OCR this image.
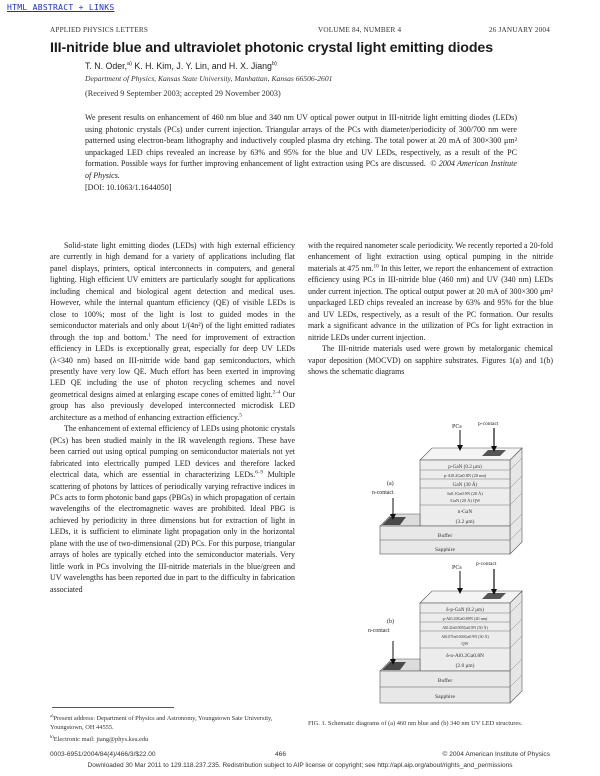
HTML ABSTRACT + LINKS
APPLIED PHYSICS LETTERS	VOLUME 84, NUMBER 4	26 JANUARY 2004
III-nitride blue and ultraviolet photonic crystal light emitting diodes
T. N. Oder,$^{a)}$ K. H. Kim, J. Y. Lin, and H. X. Jiang$^{b)}$
Department of Physics, Kansas State University, Manhattan, Kansas 66506-2601
(Received 9 September 2003; accepted 29 November 2003)
We present results on enhancement of 460 nm blue and 340 nm UV optical power output in III-nitride light emitting diodes (LEDs) using photonic crystals (PCs) under current injection. Triangular arrays of the PCs with diameter/periodicity of 300/700 nm were patterned using electron-beam lithography and inductively coupled plasma dry etching. The total power at 20 mA of 300×300 μm² unpackaged LED chips revealed an increase by 63% and 95% for the blue and UV LEDs, respectively, as a result of the PC formation. Possible ways for further improving enhancement of light extraction using PCs are discussed. © 2004 American Institute of Physics.
[DOI: 10.1063/1.1644050]

Solid-state light emitting diodes (LEDs) with high external efficiency are currently in high demand for a variety of applications including flat panel displays, printers, optical interconnects in computers, and general lighting. High efficient UV emitters are particularly sought for applications including chemical and biological agent detection and medical uses. However, while the internal quantum efficiency (QE) of visible LEDs is close to 100%; most of the light is lost to guided modes in the semiconductor materials and only about 1/(4n²) of the light emitted radiates through the top and bottom.$^1$ The need for improvement of extraction efficiency in LEDs is exceptionally great, especially for deep UV LEDs (λ<340 nm) based on III-nitride wide band gap semiconductors, which presently have very low QE. Much effort has been exerted in improving LED QE including the use of photon recycling schemes and novel geometrical designs aimed at enlarging escape cones of emitted light.$^{2-4}$ Our group has also previously developed interconnected microdisk LED architecture as a method of enhancing extraction efficiency.$^5$

The enhancement of external efficiency of LEDs using photonic crystals (PCs) has been studied mainly in the IR wavelength regions. These have been carried out using optical pumping on semiconductor materials not yet fabricated into electrically pumped LED devices and therefore lacked electrical data, which are essential in characterizing LEDs.$^{6-9}$ Multiple scattering of photons by lattices of periodically varying refractive indices in PCs acts to form photonic band gaps (PBGs) in which propagation of certain wavelengths of the electromagnetic waves are prohibited. Ideal PBG is achieved by periodicity in three dimensions but for extraction of light in LEDs, it is sufficient to eliminate light propagation only in the horizontal plane with the use of two-dimensional (2D) PCs. For this purpose, triangular arrays of holes are typically etched into the semiconductor materials. Very little work in PCs involving the III-nitride materials in the blue/green and UV wavelengths has been reported due in part to the difficulty in fabrication associated

with the required nanometer scale periodicity. We recently reported a 20-fold enhancement of light extraction using optical pumping in the nitride materials at 475 nm.$^{10}$ In this letter, we report the enhancement of extraction efficiency using PCs in III-nitride blue (460 nm) and UV (340 nm) LEDs under current injection. The optical output power at 20 mA of 300×300 μm² unpackaged LED chips revealed an increase by 63% and 95% for the blue and UV LEDs, respectively, as a result of the PC formation. Our results mark a significant advance in the utilization of PCs for light extraction in nitride LEDs under current injection.

The III-nitride materials used were grown by metalorganic chemical vapor deposition (MOCVD) on sapphire substrates. Figures 1(a) and 1(b) shows the schematic diagrams

PCs	p-contact
(a)
n-contact
p-GaN (0.2 μm)
p-Al0.2Ga0.8N (20 nm)
GaN (30 Å)
In0.1Ga0.9N (20 Å)
/GaN (20 Å) QW
n-GaN
(3.2 μm)
Buffer
Sapphire
PCs
p-contact
(b)
n-contact
δ-p-GaN (0.2 μm)
p-Al0.20Ga0.80N (20 nm)
Al0.2In0.005Ga0.8N (30 Å)
Al0.07In0.004Ga0.9N (30 Å)
QW
δ-n-Al0.2Ga0.8N
(2.0 μm)
Buffer
Sapphire
FIG. 1. Schematic diagrams of (a) 460 nm blue and (b) 340 nm UV LED structures.
$^{a)}$Present address: Department of Physics and Astronomy, Youngstown Sate University, Youngstown, OH 44555.
$^{b)}$Electronic mail: jiang@phys.ksu.edu
0003-6951/2004/84(4)/466/3/$22.00	466	© 2004 American Institute of Physics
Downloaded 30 Mar 2011 to 129.118.237.235. Redistribution subject to AIP license or copyright; see http://apl.aip.org/about/rights_and_permissions
